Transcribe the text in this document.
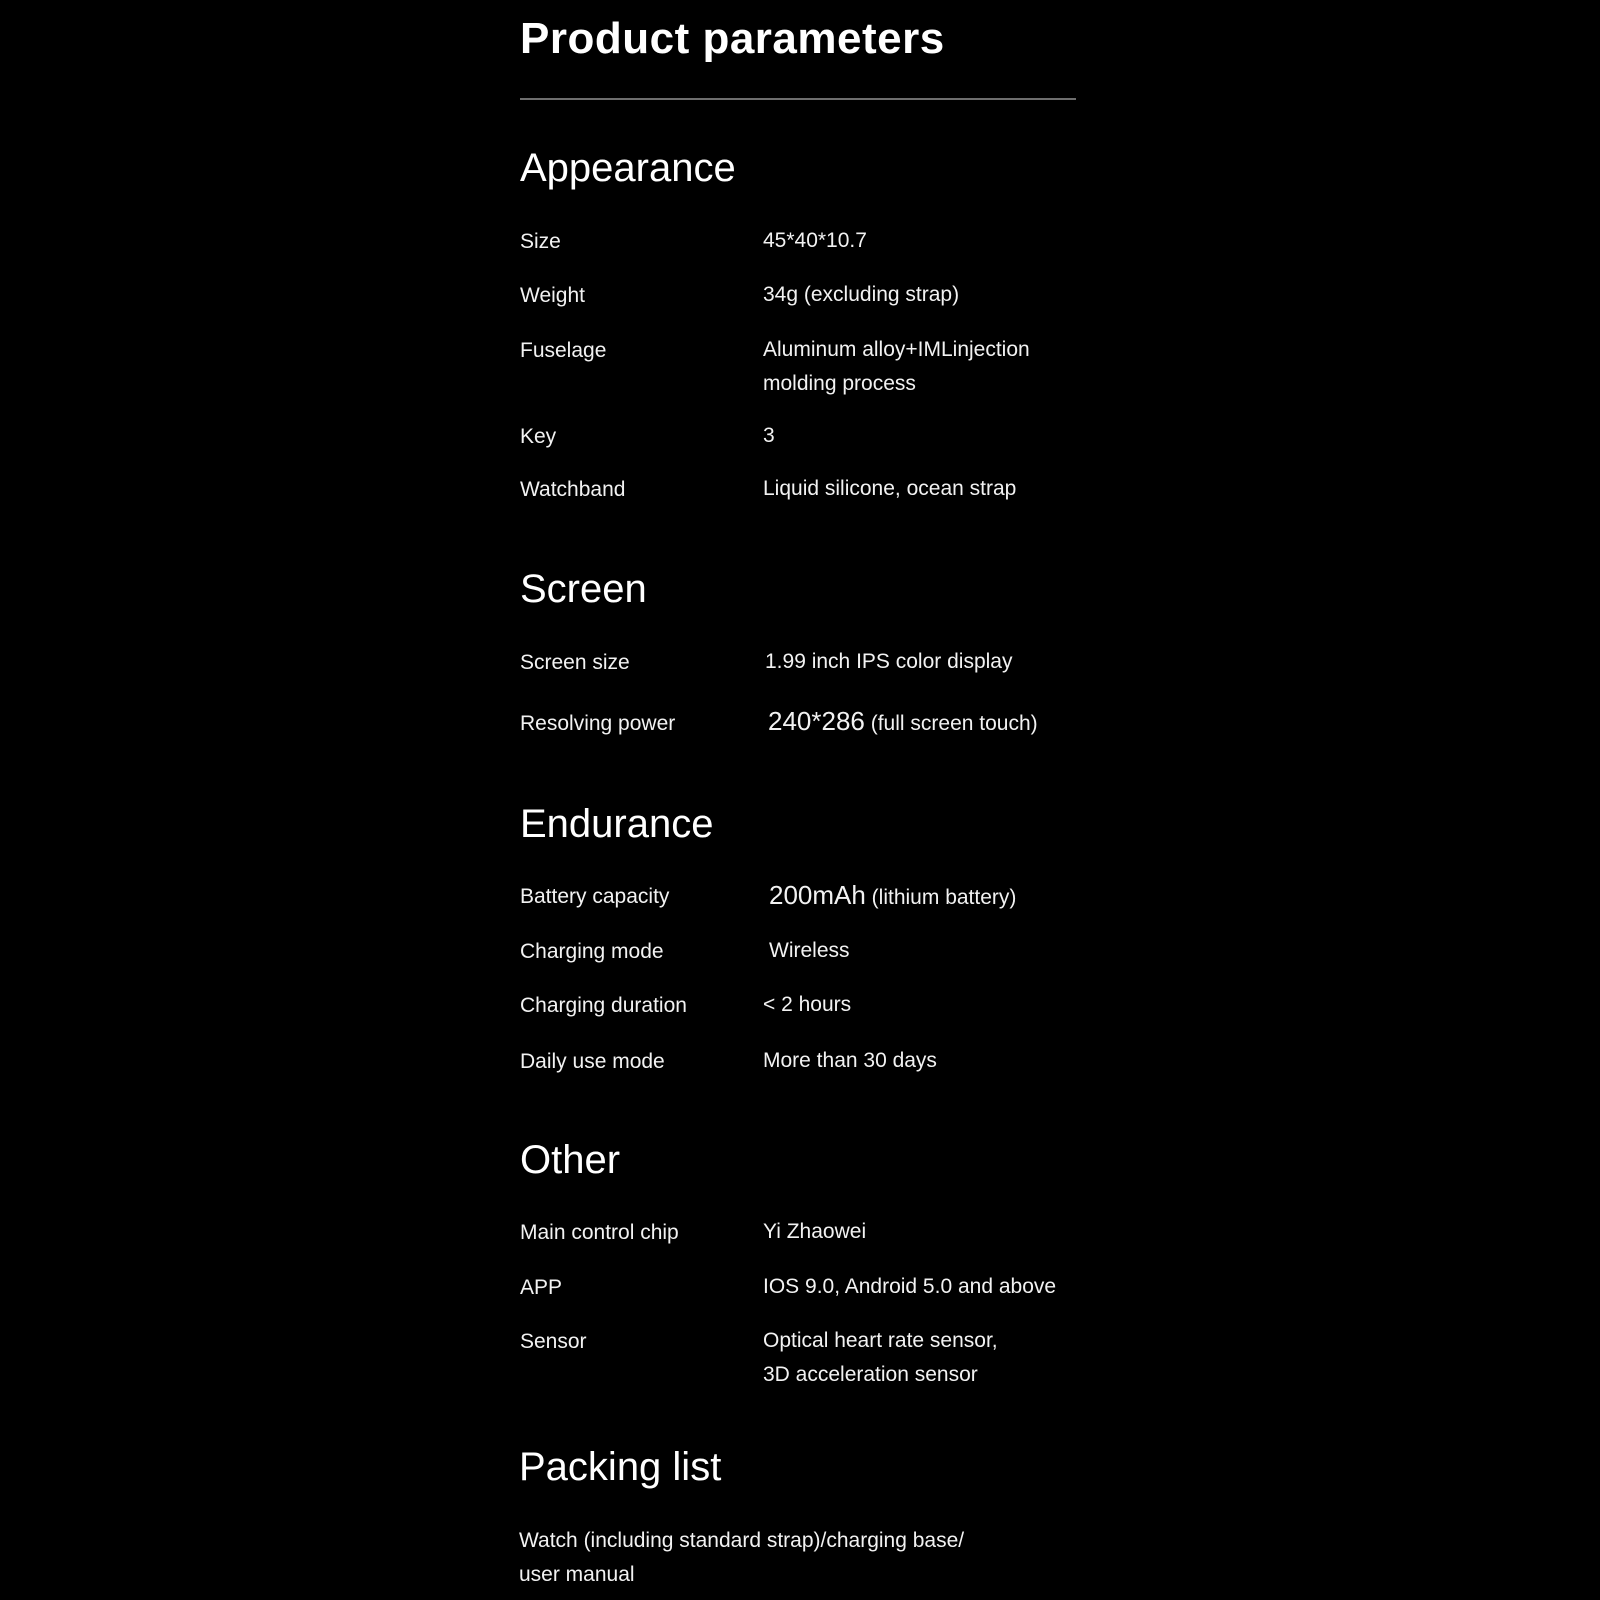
Product parameters
Appearance
Size	45*40*10.7
Weight	34g (excluding strap)
Fuselage	Aluminum alloy+IMLinjection
molding process
Key	3
Watchband	Liquid silicone, ocean strap
Screen
Screen size	1.99 inch IPS color display
Resolving power	240*286 (full screen touch)
Endurance
Battery capacity	200mAh (lithium battery)
Charging mode	Wireless
Charging duration	< 2 hours
Daily use mode	More than 30 days
Other
Main control chip	Yi Zhaowei
APP	IOS 9.0, Android 5.0 and above
Sensor	Optical heart rate sensor,
3D acceleration sensor
Packing list
Watch (including standard strap)/charging base/
user manual
